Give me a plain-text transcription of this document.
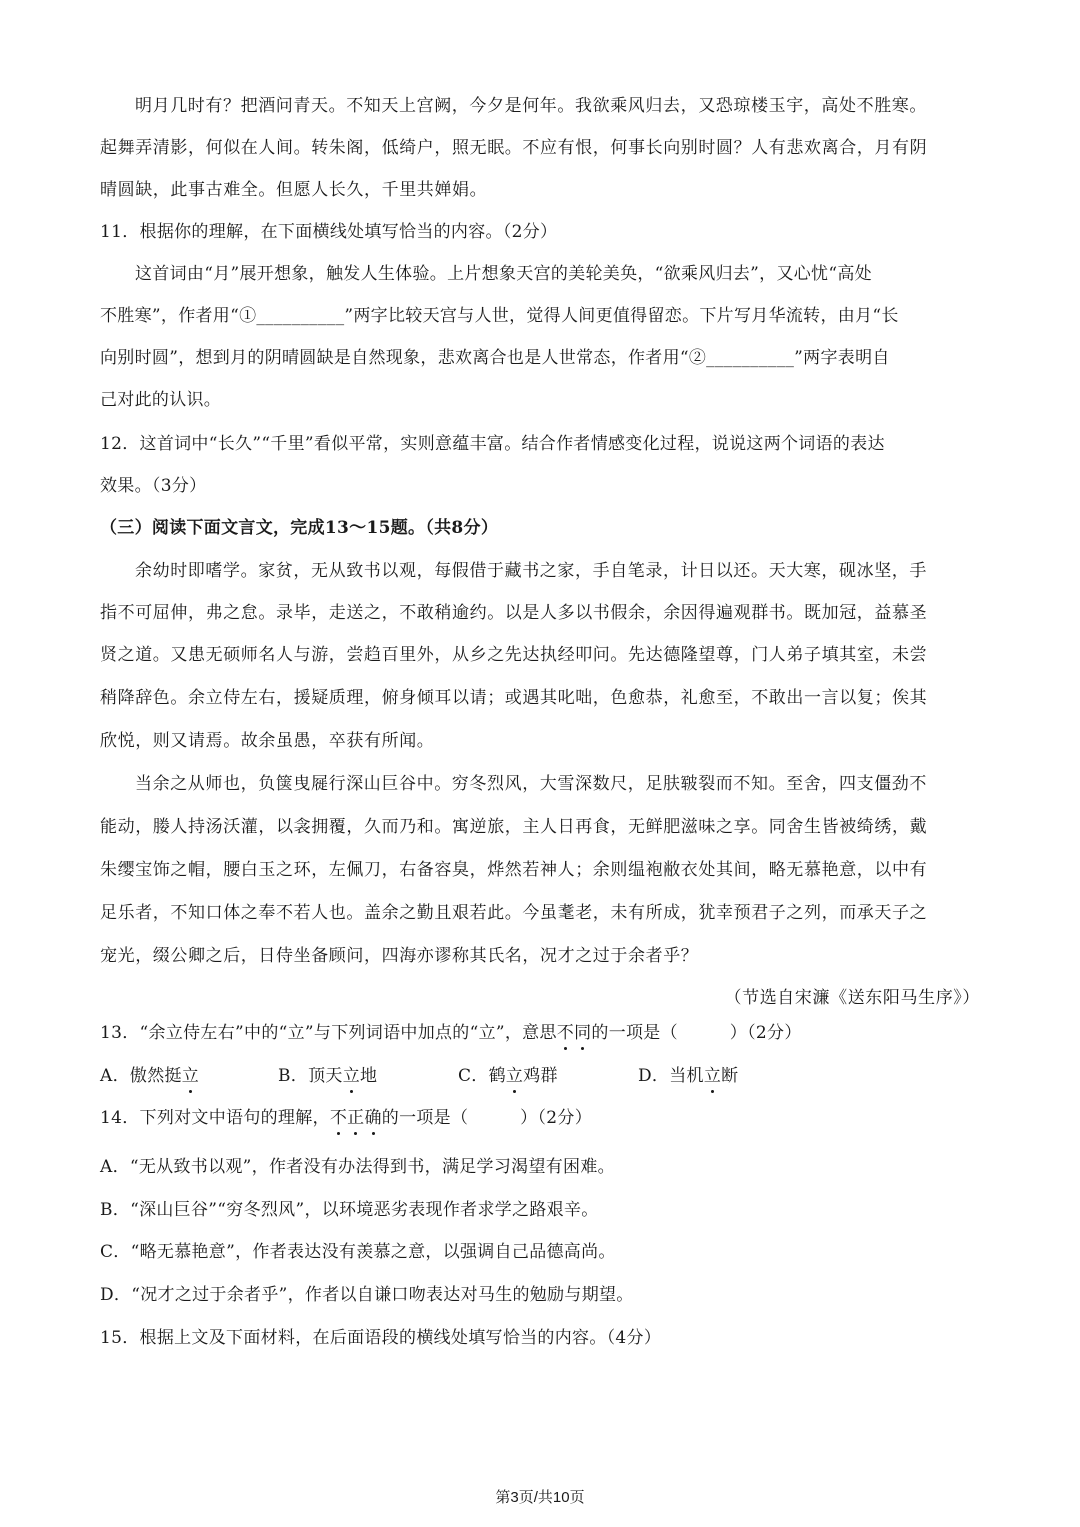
明月几时有？把酒问青天。不知天上宫阙，今夕是何年。我欲乘风归去，又恐琼楼玉宇，高处不胜寒。
起舞弄清影，何似在人间。转朱阁，低绮户，照无眠。不应有恨，何事长向别时圆？人有悲欢离合，月有阴
晴圆缺，此事古难全。但愿人长久，千里共婵娟。
11．根据你的理解，在下面横线处填写恰当的内容。（2分）
这首词由“月”展开想象，触发人生体验。上片想象天宫的美轮美奂，“欲乘风归去”，又心忧“高处
不胜寒”，作者用“①__________”两字比较天宫与人世，觉得人间更值得留恋。下片写月华流转，由月“长
向别时圆”，想到月的阴晴圆缺是自然现象，悲欢离合也是人世常态，作者用“②__________”两字表明自
己对此的认识。
12．这首词中“长久”“千里”看似平常，实则意蕴丰富。结合作者情感变化过程，说说这两个词语的表达
效果。（3分）
（三）阅读下面文言文，完成13～15题。（共8分）
余幼时即嗜学。家贫，无从致书以观，每假借于藏书之家，手自笔录，计日以还。天大寒，砚冰坚，手
指不可屈伸，弗之怠。录毕，走送之，不敢稍逾约。以是人多以书假余，余因得遍观群书。既加冠，益慕圣
贤之道。又患无硕师名人与游，尝趋百里外，从乡之先达执经叩问。先达德隆望尊，门人弟子填其室，未尝
稍降辞色。余立侍左右，援疑质理，俯身倾耳以请；或遇其叱咄，色愈恭，礼愈至，不敢出一言以复；俟其
欣悦，则又请焉。故余虽愚，卒获有所闻。
当余之从师也，负箧曳屣行深山巨谷中。穷冬烈风，大雪深数尺，足肤皲裂而不知。至舍，四支僵劲不
能动，媵人持汤沃灌，以衾拥覆，久而乃和。寓逆旅，主人日再食，无鲜肥滋味之享。同舍生皆被绮绣，戴
朱缨宝饰之帽，腰白玉之环，左佩刀，右备容臭，烨然若神人；余则缊袍敝衣处其间，略无慕艳意，以中有
足乐者，不知口体之奉不若人也。盖余之勤且艰若此。今虽耄老，未有所成，犹幸预君子之列，而承天子之
宠光，缀公卿之后，日侍坐备顾问，四海亦谬称其氏名，况才之过于余者乎？
（节选自宋濂《送东阳马生序》）
13．“余立侍左右”中的“立”与下列词语中加点的“立”，意思不同的一项是（　　　）（2分）
A．傲然挺立	B．顶天立地	C．鹤立鸡群	D．当机立断
14．下列对文中语句的理解，不正确的一项是（　　　）（2分）
A．“无从致书以观”，作者没有办法得到书，满足学习渴望有困难。
B．“深山巨谷”“穷冬烈风”，以环境恶劣表现作者求学之路艰辛。
C．“略无慕艳意”，作者表达没有羡慕之意，以强调自己品德高尚。
D．“况才之过于余者乎”，作者以自谦口吻表达对马生的勉励与期望。
15．根据上文及下面材料，在后面语段的横线处填写恰当的内容。（4分）
第3页/共10页
